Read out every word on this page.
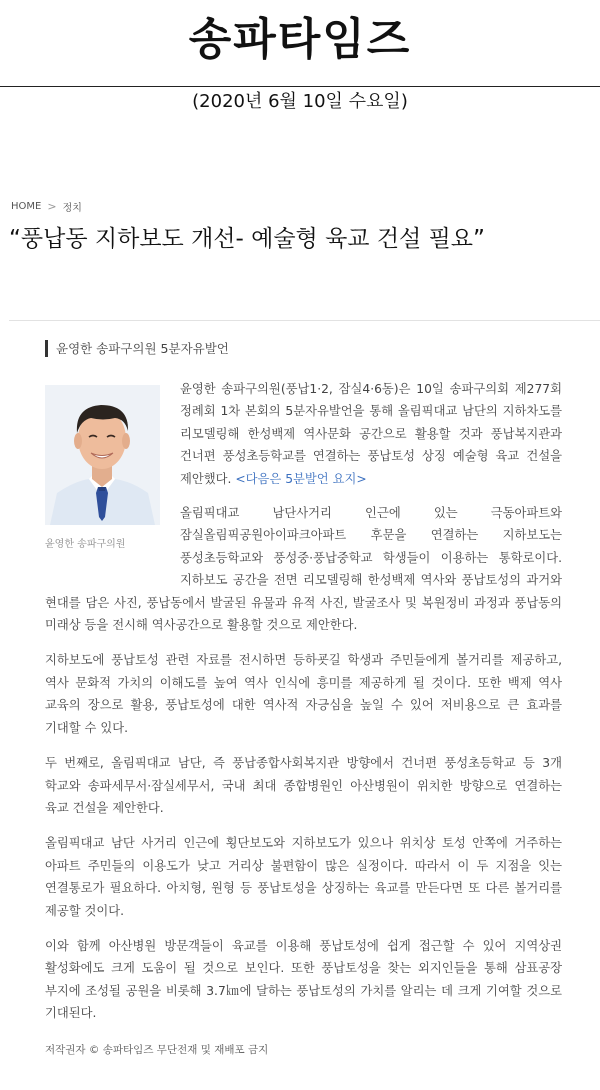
송파타임즈
(2020년 6월 10일 수요일)
HOME > 정치
“풍납동 지하보도 개선- 예술형 육교 건설 필요”
윤영한 송파구의원 5분자유발언
윤영한 송파구의원

윤영한 송파구의원(풍납1·2, 잠실4·6동)은 10일 송파구의회 제277회 정례회 1차 본회의 5분자유발언을 통해 올림픽대교 남단의 지하차도를 리모델링해 한성백제 역사문화 공간으로 활용할 것과 풍납복지관과 건너편 풍성초등학교를 연결하는 풍납토성 상징 예술형 육교 건설을 제안했다. <다음은 5분발언 요지>

올림픽대교 남단사거리 인근에 있는 극동아파트와 잠실올림픽공원아이파크아파트 후문을 연결하는 지하보도는 풍성초등학교와 풍성중·풍납중학교 학생들이 이용하는 통학로이다. 지하보도 공간을 전면 리모델링해 한성백제 역사와 풍납토성의 과거와 현대를 담은 사진, 풍납동에서 발굴된 유물과 유적 사진, 발굴조사 및 복원정비 과정과 풍납동의 미래상 등을 전시해 역사공간으로 활용할 것으로 제안한다.

지하보도에 풍납토성 관련 자료를 전시하면 등하굣길 학생과 주민들에게 볼거리를 제공하고, 역사 문화적 가치의 이해도를 높여 역사 인식에 흥미를 제공하게 될 것이다. 또한 백제 역사 교육의 장으로 활용, 풍납토성에 대한 역사적 자긍심을 높일 수 있어 저비용으로 큰 효과를 기대할 수 있다.

두 번째로, 올림픽대교 남단, 즉 풍납종합사회복지관 방향에서 건너편 풍성초등학교 등 3개 학교와 송파세무서·잠실세무서, 국내 최대 종합병원인 아산병원이 위치한 방향으로 연결하는 육교 건설을 제안한다.

올림픽대교 남단 사거리 인근에 횡단보도와 지하보도가 있으나 위치상 토성 안쪽에 거주하는 아파트 주민들의 이용도가 낮고 거리상 불편함이 많은 실정이다. 따라서 이 두 지점을 잇는 연결통로가 필요하다. 아치형, 원형 등 풍납토성을 상징하는 육교를 만든다면 또 다른 볼거리를 제공할 것이다.

이와 함께 아산병원 방문객들이 육교를 이용해 풍납토성에 쉽게 접근할 수 있어 지역상권 활성화에도 크게 도움이 될 것으로 보인다. 또한 풍납토성을 찾는 외지인들을 통해 삼표공장 부지에 조성될 공원을 비롯해 3.7㎞에 달하는 풍납토성의 가치를 알리는 데 크게 기여할 것으로 기대된다.

저작권자 © 송파타임즈 무단전재 및 재배포 금지
